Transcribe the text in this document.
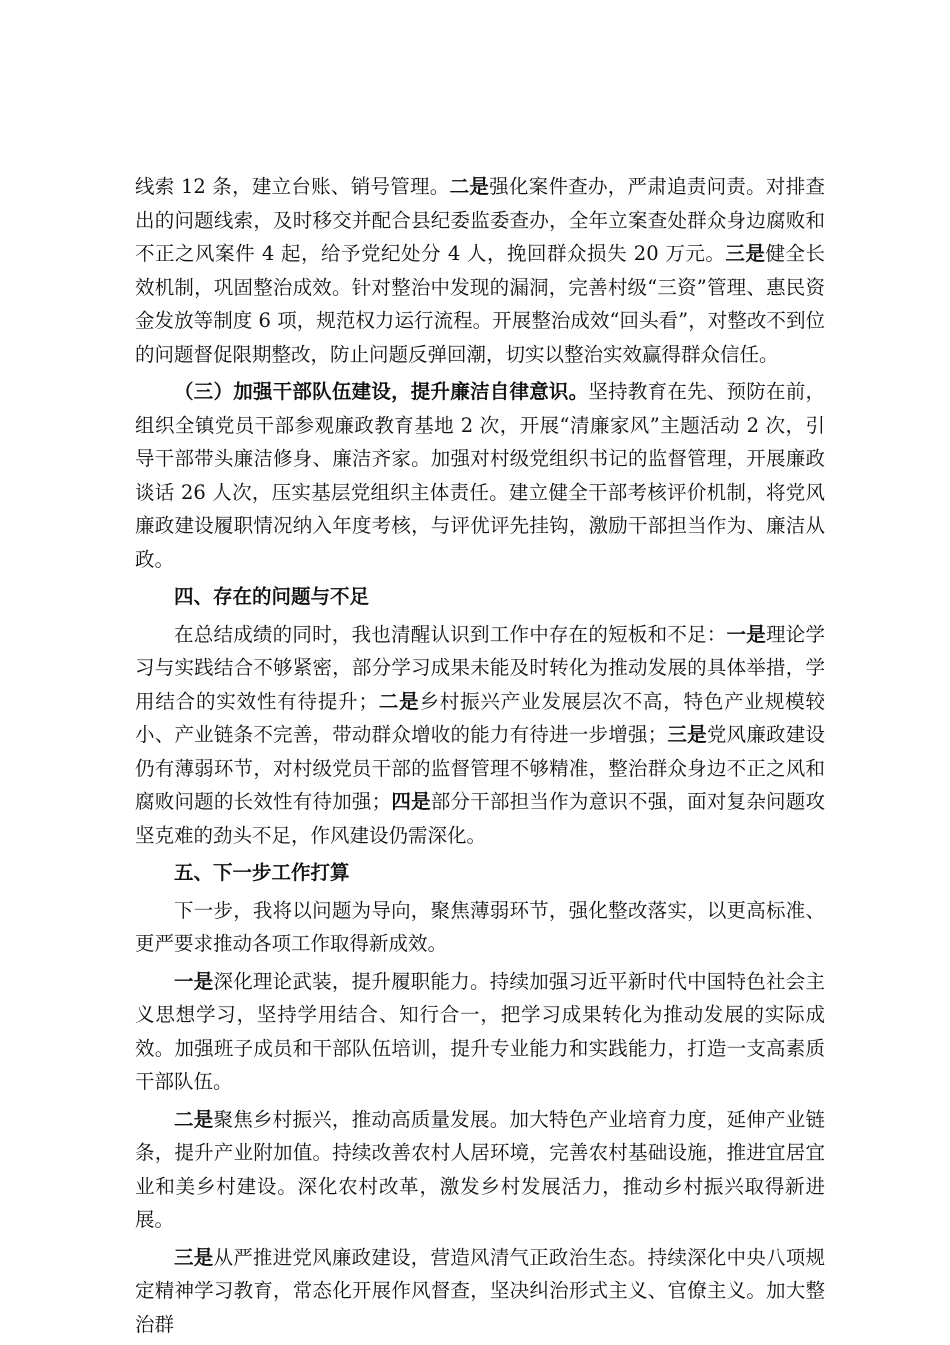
线索 12 条，建立台账、销号管理。二是强化案件查办，严肃追责问责。对排查出的问题线索，及时移交并配合县纪委监委查办，全年立案查处群众身边腐败和不正之风案件 4 起，给予党纪处分 4 人，挽回群众损失 20 万元。三是健全长效机制，巩固整治成效。针对整治中发现的漏洞，完善村级“三资”管理、惠民资金发放等制度 6 项，规范权力运行流程。开展整治成效“回头看”，对整改不到位的问题督促限期整改，防止问题反弹回潮，切实以整治实效赢得群众信任。

（三）加强干部队伍建设，提升廉洁自律意识。坚持教育在先、预防在前，组织全镇党员干部参观廉政教育基地 2 次，开展“清廉家风”主题活动 2 次，引导干部带头廉洁修身、廉洁齐家。加强对村级党组织书记的监督管理，开展廉政谈话 26 人次，压实基层党组织主体责任。建立健全干部考核评价机制，将党风廉政建设履职情况纳入年度考核，与评优评先挂钩，激励干部担当作为、廉洁从政。

四、存在的问题与不足

在总结成绩的同时，我也清醒认识到工作中存在的短板和不足：一是理论学习与实践结合不够紧密，部分学习成果未能及时转化为推动发展的具体举措，学用结合的实效性有待提升；二是乡村振兴产业发展层次不高，特色产业规模较小、产业链条不完善，带动群众增收的能力有待进一步增强；三是党风廉政建设仍有薄弱环节，对村级党员干部的监督管理不够精准，整治群众身边不正之风和腐败问题的长效性有待加强；四是部分干部担当作为意识不强，面对复杂问题攻坚克难的劲头不足，作风建设仍需深化。

五、下一步工作打算

下一步，我将以问题为导向，聚焦薄弱环节，强化整改落实，以更高标准、更严要求推动各项工作取得新成效。

一是深化理论武装，提升履职能力。持续加强习近平新时代中国特色社会主义思想学习，坚持学用结合、知行合一，把学习成果转化为推动发展的实际成效。加强班子成员和干部队伍培训，提升专业能力和实践能力，打造一支高素质干部队伍。

二是聚焦乡村振兴，推动高质量发展。加大特色产业培育力度，延伸产业链条，提升产业附加值。持续改善农村人居环境，完善农村基础设施，推进宜居宜业和美乡村建设。深化农村改革，激发乡村发展活力，推动乡村振兴取得新进展。

三是从严推进党风廉政建设，营造风清气正政治生态。持续深化中央八项规定精神学习教育，常态化开展作风督查，坚决纠治形式主义、官僚主义。加大整治群
